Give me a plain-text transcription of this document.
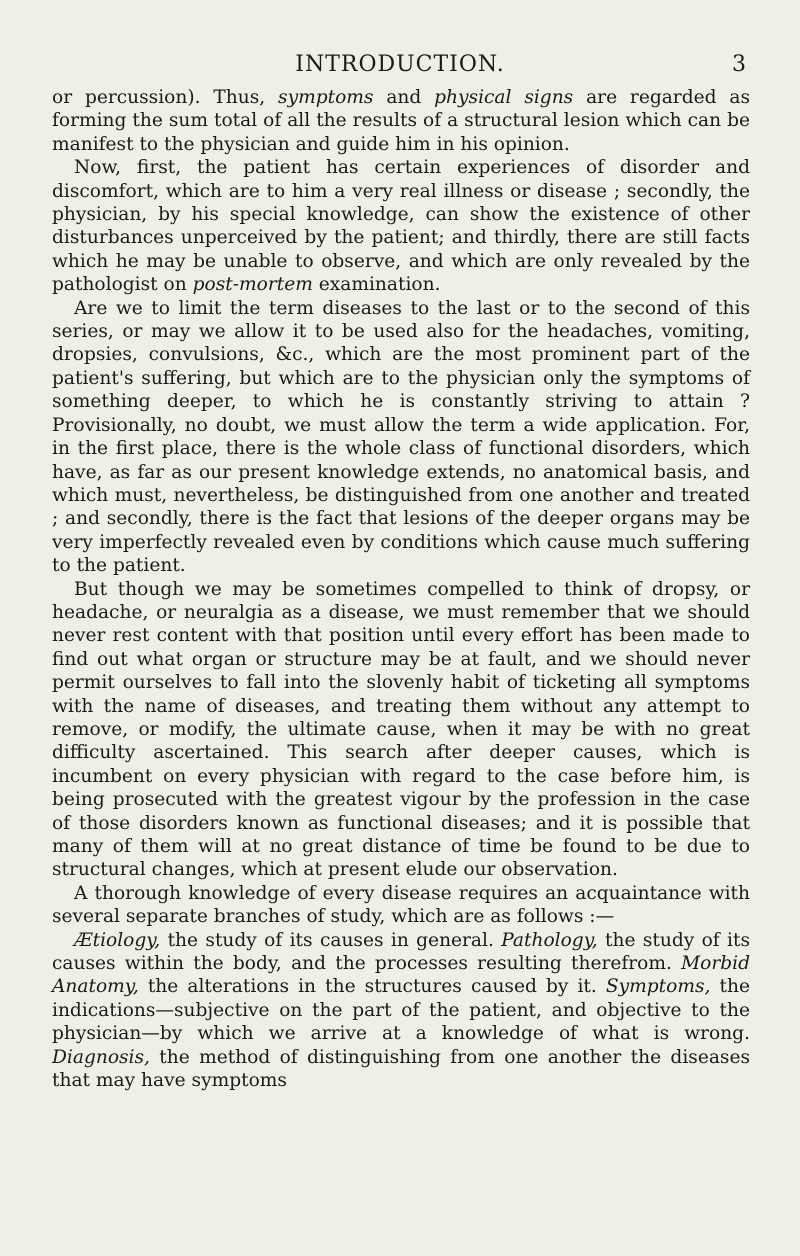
INTRODUCTION.	3

or percussion). Thus, symptoms and physical signs are regarded as forming the sum total of all the results of a structural lesion which can be manifest to the physician and guide him in his opinion.

Now, first, the patient has certain experiences of disorder and discomfort, which are to him a very real illness or disease ; secondly, the physician, by his special knowledge, can show the existence of other disturbances unperceived by the patient; and thirdly, there are still facts which he may be unable to observe, and which are only revealed by the pathologist on post-mortem examination.

Are we to limit the term diseases to the last or to the second of this series, or may we allow it to be used also for the headaches, vomiting, dropsies, convulsions, &c., which are the most prominent part of the patient's suffering, but which are to the physician only the symptoms of something deeper, to which he is constantly striving to attain ? Provisionally, no doubt, we must allow the term a wide application. For, in the first place, there is the whole class of functional disorders, which have, as far as our present knowledge extends, no anatomical basis, and which must, nevertheless, be distinguished from one another and treated ; and secondly, there is the fact that lesions of the deeper organs may be very imperfectly revealed even by conditions which cause much suffering to the patient.

But though we may be sometimes compelled to think of dropsy, or headache, or neuralgia as a disease, we must remember that we should never rest content with that position until every effort has been made to find out what organ or structure may be at fault, and we should never permit ourselves to fall into the slovenly habit of ticketing all symptoms with the name of diseases, and treating them without any attempt to remove, or modify, the ultimate cause, when it may be with no great difficulty ascertained. This search after deeper causes, which is incumbent on every physician with regard to the case before him, is being prosecuted with the greatest vigour by the profession in the case of those disorders known as functional diseases; and it is possible that many of them will at no great distance of time be found to be due to structural changes, which at present elude our observation.

A thorough knowledge of every disease requires an acquaintance with several separate branches of study, which are as follows :—

Ætiology, the study of its causes in general. Pathology, the study of its causes within the body, and the processes resulting therefrom. Morbid Anatomy, the alterations in the structures caused by it. Symptoms, the indications—subjective on the part of the patient, and objective to the physician—by which we arrive at a knowledge of what is wrong. Diagnosis, the method of distinguishing from one another the diseases that may have symptoms
